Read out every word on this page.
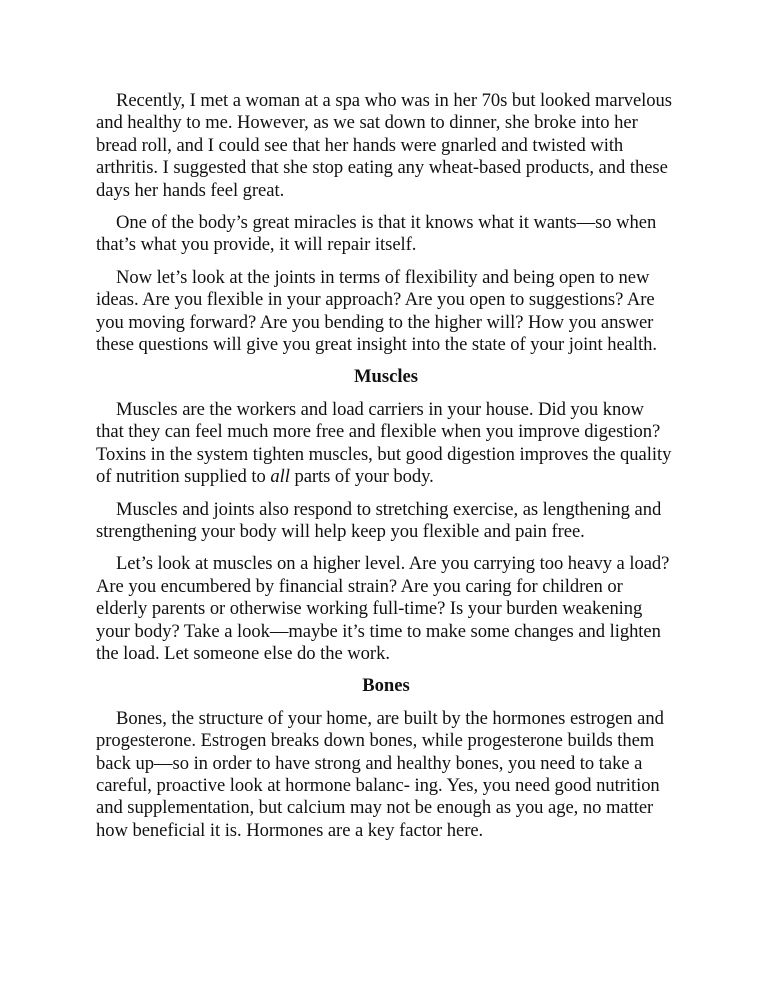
Recently, I met a woman at a spa who was in her 70s but looked marvelous and healthy to me. However, as we sat down to dinner, she broke into her bread roll, and I could see that her hands were gnarled and twisted with arthritis. I suggested that she stop eating any wheat-based products, and these days her hands feel great.

One of the body’s great miracles is that it knows what it wants—so when that’s what you provide, it will repair itself.

Now let’s look at the joints in terms of flexibility and being open to new ideas. Are you flexible in your approach? Are you open to suggestions? Are you moving forward? Are you bending to the higher will? How you answer these questions will give you great insight into the state of your joint health.

Muscles

Muscles are the workers and load carriers in your house. Did you know that they can feel much more free and flexible when you improve digestion? Toxins in the system tighten muscles, but good digestion improves the quality of nutrition supplied to all parts of your body.

Muscles and joints also respond to stretching exercise, as lengthening and strengthening your body will help keep you flexible and pain free.

Let’s look at muscles on a higher level. Are you carrying too heavy a load? Are you encumbered by financial strain? Are you caring for children or elderly parents or otherwise working full-time? Is your burden weakening your body? Take a look—maybe it’s time to make some changes and lighten the load. Let someone else do the work.

Bones

Bones, the structure of your home, are built by the hormones estrogen and progesterone. Estrogen breaks down bones, while progesterone builds them back up—so in order to have strong and healthy bones, you need to take a careful, proactive look at hormone balanc- ing. Yes, you need good nutrition and supplementation, but calcium may not be enough as you age, no matter how beneficial it is. Hormones are a key factor here.
